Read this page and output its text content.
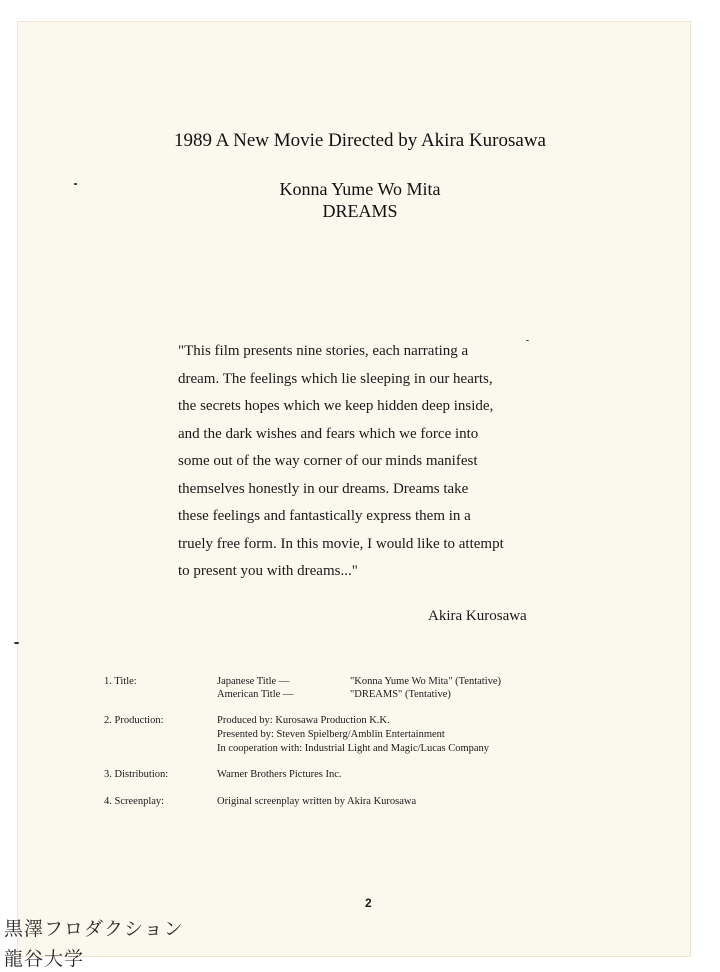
1989 A New Movie Directed by Akira Kurosawa
Konna Yume Wo Mita
DREAMS
"This film presents nine stories, each narrating a
dream. The feelings which lie sleeping in our hearts,
the secrets hopes which we keep hidden deep inside,
and the dark wishes and fears which we force into
some out of the way corner of our minds manifest
themselves honestly in our dreams. Dreams take
these feelings and fantastically express them in a
truely free form. In this movie, I would like to attempt
to present you with dreams..."
Akira Kurosawa
1. Title:	Japanese Title —	"Konna Yume Wo Mita" (Tentative)
American Title —	"DREAMS" (Tentative)
2. Production:	Produced by: Kurosawa Production K.K.
Presented by: Steven Spielberg/Amblin Entertainment
In cooperation with: Industrial Light and Magic/Lucas Company
3. Distribution:	Warner Brothers Pictures Inc.
4. Screenplay:	Original screenplay written by Akira Kurosawa
2
黒澤フロダクション
龍谷大学
